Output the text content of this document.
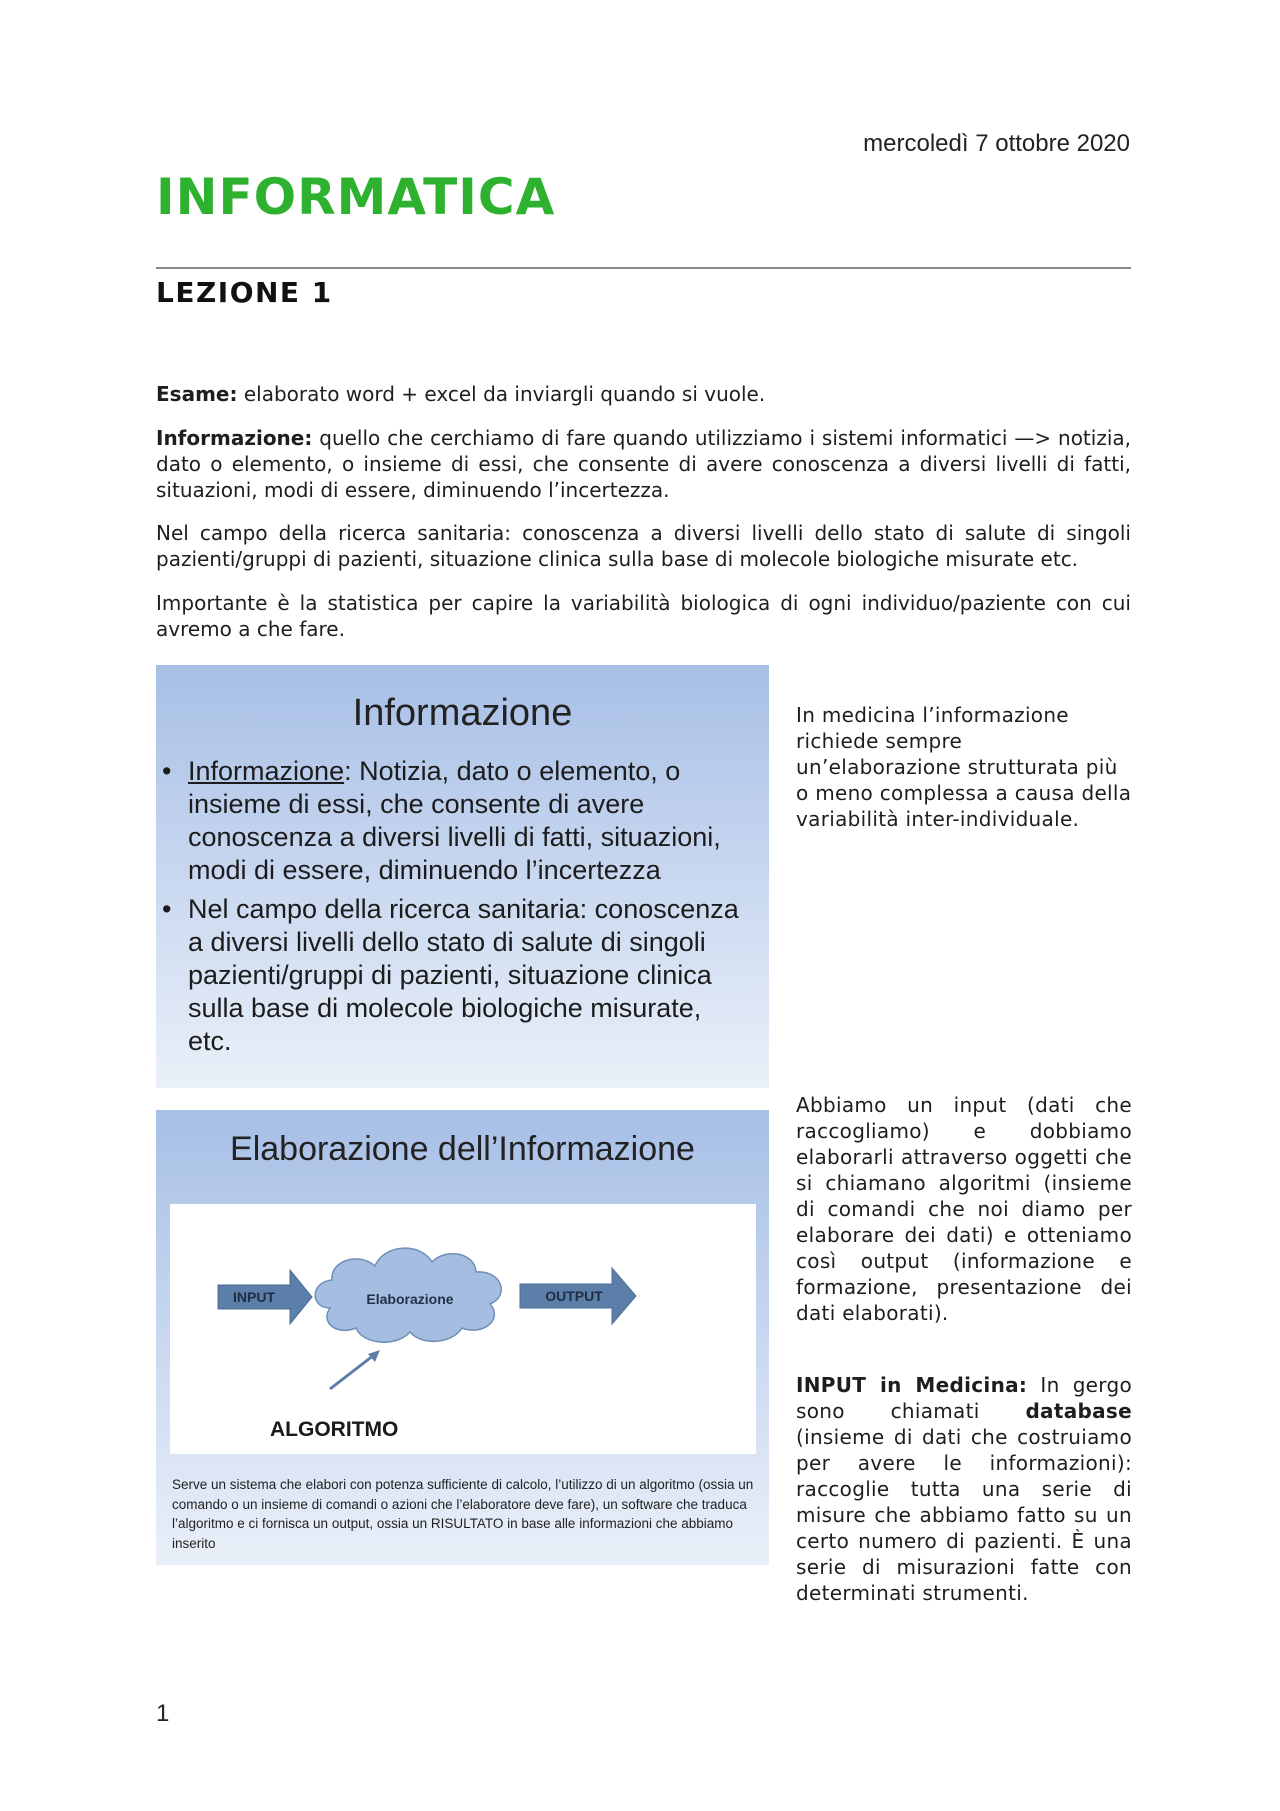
mercoledì 7 ottobre 2020
INFORMATICA
LEZIONE 1

Esame: elaborato word + excel da inviargli quando si vuole.

Informazione: quello che cerchiamo di fare quando utilizziamo i sistemi informatici —> notizia, dato o elemento, o insieme di essi, che consente di avere conoscenza a diversi livelli di fatti, situazioni, modi di essere, diminuendo l’incertezza.

Nel campo della ricerca sanitaria: conoscenza a diversi livelli dello stato di salute di singoli pazienti/gruppi di pazienti, situazione clinica sulla base di molecole biologiche misurate etc.

Importante è la statistica per capire la variabilità biologica di ogni individuo/paziente con cui avremo a che fare.

Informazione
• Informazione: Notizia, dato o elemento, o insieme di essi, che consente di avere conoscenza a diversi livelli di fatti, situazioni, modi di essere, diminuendo l’incertezza
• Nel campo della ricerca sanitaria: conoscenza a diversi livelli dello stato di salute di singoli pazienti/gruppi di pazienti, situazione clinica sulla base di molecole biologiche misurate, etc.

In medicina l’informazione richiede sempre un’elaborazione strutturata più o meno complessa a causa della variabilità inter-individuale.

Elaborazione dell’Informazione
INPUT	Elaborazione	OUTPUT
ALGORITMO

Serve un sistema che elabori con potenza sufficiente di calcolo, l’utilizzo di un algoritmo (ossia un comando o un insieme di comandi o azioni che l’elaboratore deve fare), un software che traduca l’algoritmo e ci fornisca un output, ossia un RISULTATO in base alle informazioni che abbiamo inserito

Abbiamo un input (dati che raccogliamo) e dobbiamo elaborarli attraverso oggetti che si chiamano algoritmi (insieme di comandi che noi diamo per elaborare dei dati) e otteniamo così output (informazione e formazione, presentazione dei dati elaborati).

INPUT in Medicina: In gergo sono chiamati database (insieme di dati che costruiamo per avere le informazioni): raccoglie tutta una serie di misure che abbiamo fatto su un certo numero di pazienti. È una serie di misurazioni fatte con determinati strumenti.

1
